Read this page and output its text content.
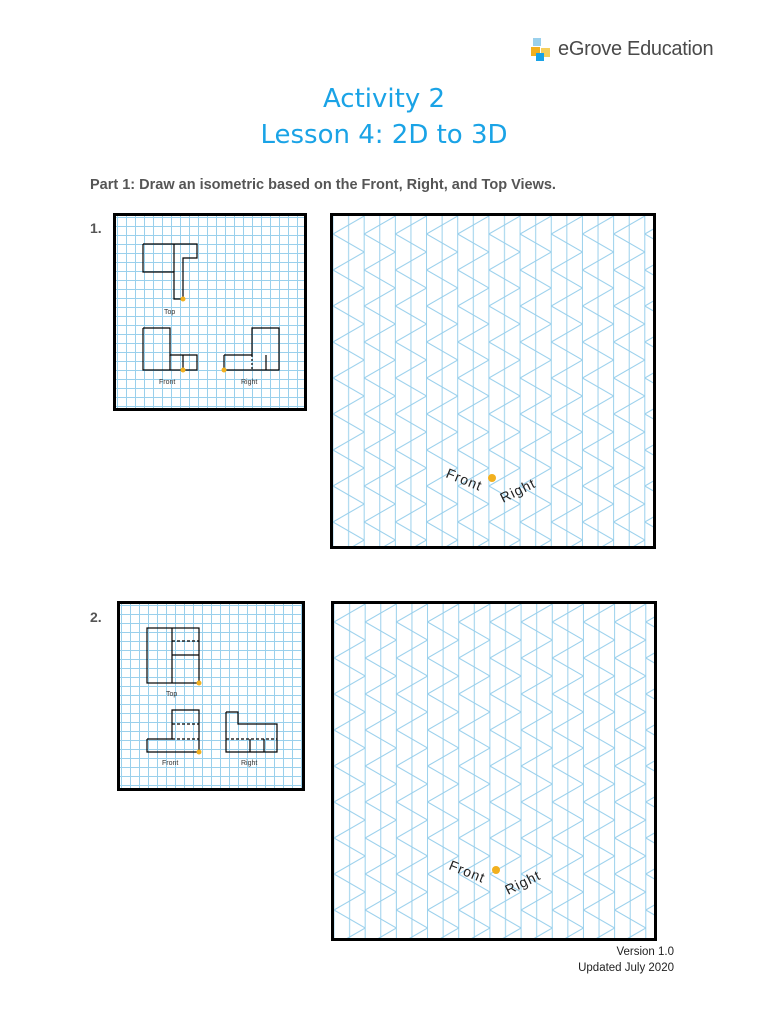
eGrove Education
Activity 2
Lesson 4: 2D to 3D
Part 1: Draw an isometric based on the Front, Right, and Top Views.
1.
Top
Front	Right
Front Right
2.
Top
Front	Right
Front Right
Version 1.0
Updated July 2020
